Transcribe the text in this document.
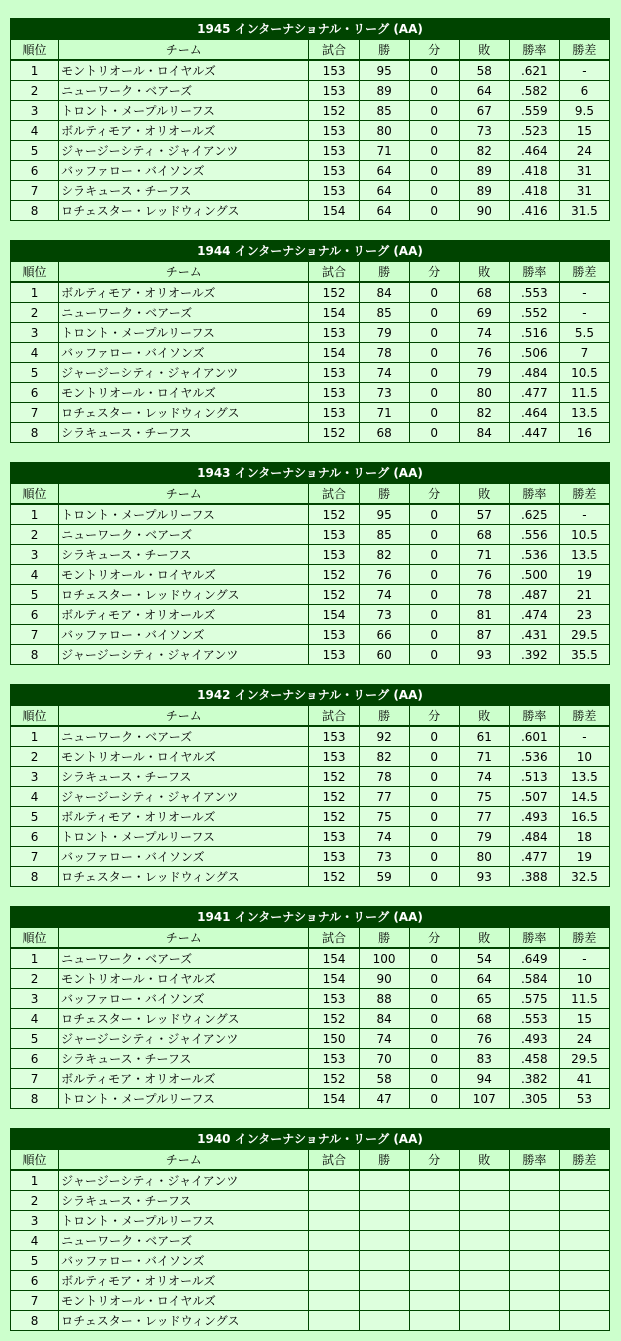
1945 インターナショナル・リーグ (AA)							
順位	チーム	試合	勝	分	敗	勝率	勝差
1	モントリオール・ロイヤルズ	153	95	0	58	.621	-
2	ニューワーク・ベアーズ	153	89	0	64	.582	6
3	トロント・メープルリーフス	152	85	0	67	.559	9.5
4	ボルティモア・オリオールズ	153	80	0	73	.523	15
5	ジャージーシティ・ジャイアンツ	153	71	0	82	.464	24
6	バッファロー・バイソンズ	153	64	0	89	.418	31
7	シラキュース・チーフス	153	64	0	89	.418	31
8	ロチェスター・レッドウィングス	154	64	0	90	.416	31.5
1944 インターナショナル・リーグ (AA)							
順位	チーム	試合	勝	分	敗	勝率	勝差
1	ボルティモア・オリオールズ	152	84	0	68	.553	-
2	ニューワーク・ベアーズ	154	85	0	69	.552	-
3	トロント・メープルリーフス	153	79	0	74	.516	5.5
4	バッファロー・バイソンズ	154	78	0	76	.506	7
5	ジャージーシティ・ジャイアンツ	153	74	0	79	.484	10.5
6	モントリオール・ロイヤルズ	153	73	0	80	.477	11.5
7	ロチェスター・レッドウィングス	153	71	0	82	.464	13.5
8	シラキュース・チーフス	152	68	0	84	.447	16
1943 インターナショナル・リーグ (AA)							
順位	チーム	試合	勝	分	敗	勝率	勝差
1	トロント・メープルリーフス	152	95	0	57	.625	-
2	ニューワーク・ベアーズ	153	85	0	68	.556	10.5
3	シラキュース・チーフス	153	82	0	71	.536	13.5
4	モントリオール・ロイヤルズ	152	76	0	76	.500	19
5	ロチェスター・レッドウィングス	152	74	0	78	.487	21
6	ボルティモア・オリオールズ	154	73	0	81	.474	23
7	バッファロー・バイソンズ	153	66	0	87	.431	29.5
8	ジャージーシティ・ジャイアンツ	153	60	0	93	.392	35.5
1942 インターナショナル・リーグ (AA)							
順位	チーム	試合	勝	分	敗	勝率	勝差
1	ニューワーク・ベアーズ	153	92	0	61	.601	-
2	モントリオール・ロイヤルズ	153	82	0	71	.536	10
3	シラキュース・チーフス	152	78	0	74	.513	13.5
4	ジャージーシティ・ジャイアンツ	152	77	0	75	.507	14.5
5	ボルティモア・オリオールズ	152	75	0	77	.493	16.5
6	トロント・メープルリーフス	153	74	0	79	.484	18
7	バッファロー・バイソンズ	153	73	0	80	.477	19
8	ロチェスター・レッドウィングス	152	59	0	93	.388	32.5
1941 インターナショナル・リーグ (AA)							
順位	チーム	試合	勝	分	敗	勝率	勝差
1	ニューワーク・ベアーズ	154	100	0	54	.649	-
2	モントリオール・ロイヤルズ	154	90	0	64	.584	10
3	バッファロー・バイソンズ	153	88	0	65	.575	11.5
4	ロチェスター・レッドウィングス	152	84	0	68	.553	15
5	ジャージーシティ・ジャイアンツ	150	74	0	76	.493	24
6	シラキュース・チーフス	153	70	0	83	.458	29.5
7	ボルティモア・オリオールズ	152	58	0	94	.382	41
8	トロント・メープルリーフス	154	47	0	107	.305	53
1940 インターナショナル・リーグ (AA)							
順位	チーム	試合	勝	分	敗	勝率	勝差
1	ジャージーシティ・ジャイアンツ						
2	シラキュース・チーフス						
3	トロント・メープルリーフス						
4	ニューワーク・ベアーズ						
5	バッファロー・バイソンズ						
6	ボルティモア・オリオールズ						
7	モントリオール・ロイヤルズ						
8	ロチェスター・レッドウィングス						
